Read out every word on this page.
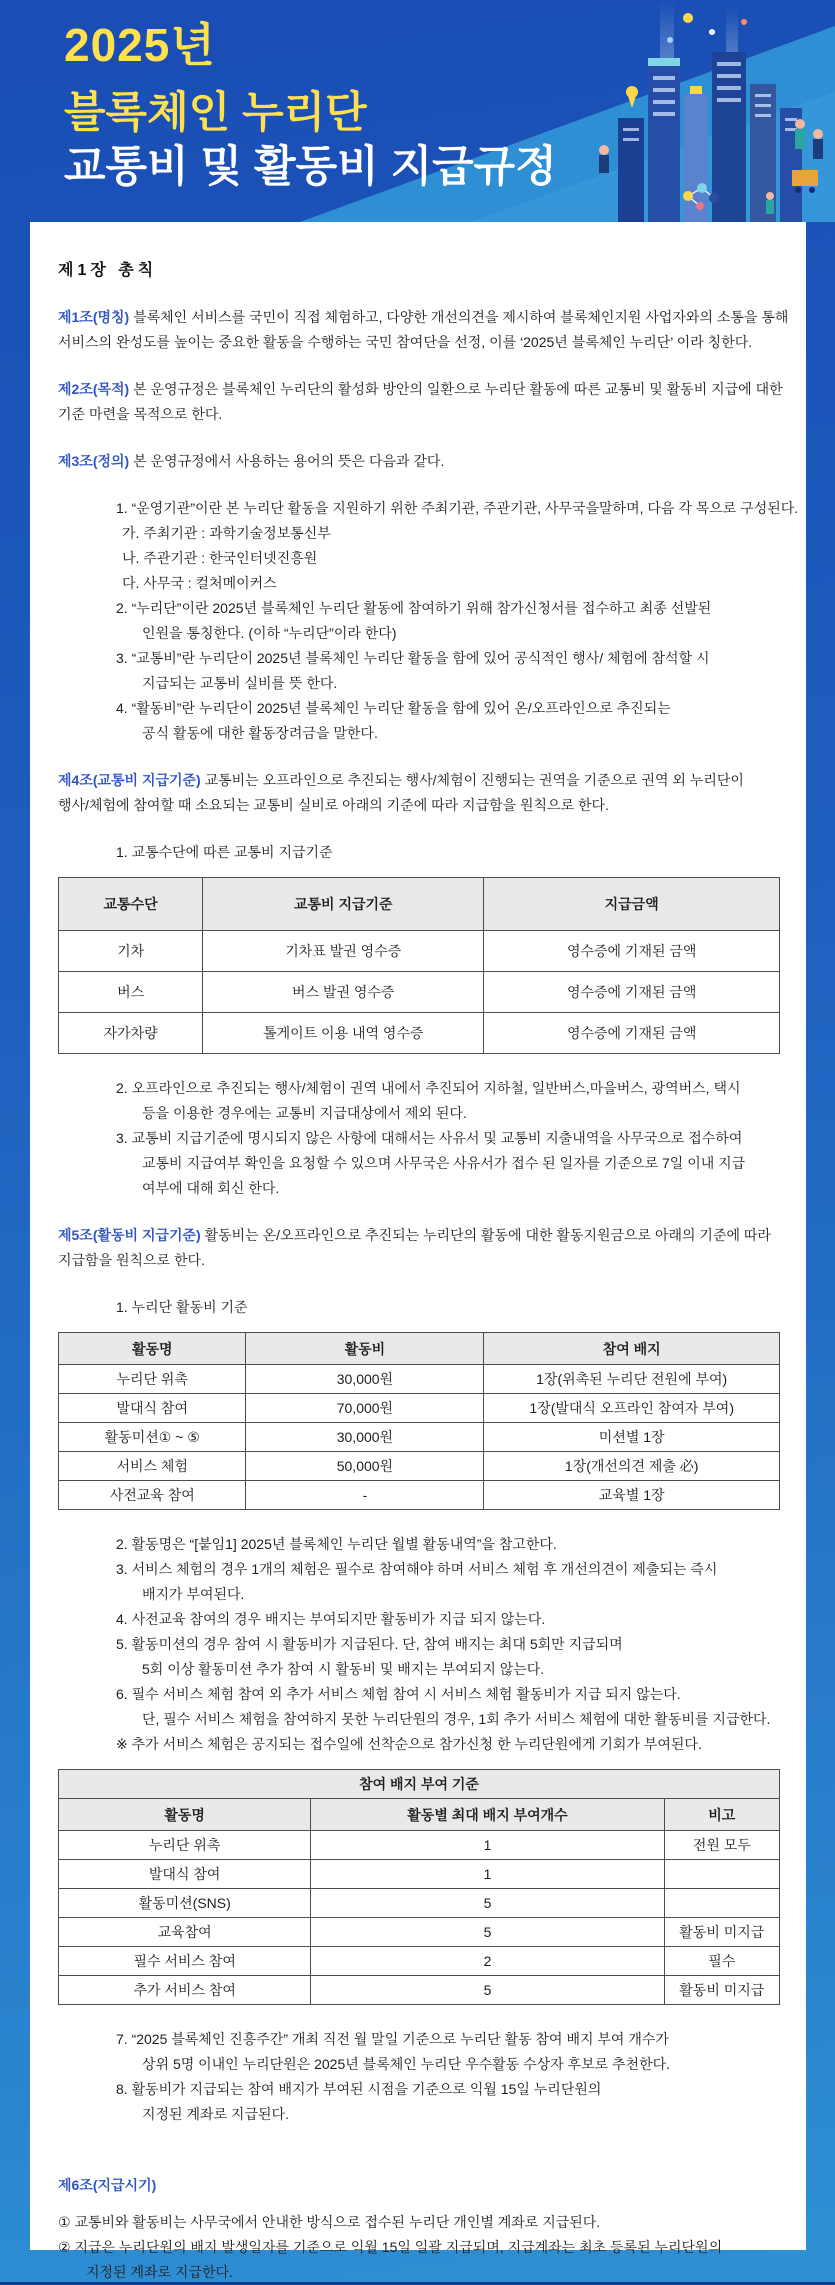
2025년
블록체인 누리단
교통비 및 활동비 지급규정
제1장 총칙
제1조(명칭) 블록체인 서비스를 국민이 직접 체험하고, 다양한 개선의견을 제시하여 블록체인지원 사업자와의 소통을 통해
서비스의 완성도를 높이는 중요한 활동을 수행하는 국민 참여단을 선정, 이를 ‘2025년 블록체인 누리단’ 이라 칭한다.
제2조(목적) 본 운영규정은 블록체인 누리단의 활성화 방안의 일환으로 누리단 활동에 따른 교통비 및 활동비 지급에 대한
기준 마련을 목적으로 한다.
제3조(정의) 본 운영규정에서 사용하는 용어의 뜻은 다음과 같다.
1. “운영기관”이란 본 누리단 활동을 지원하기 위한 주최기관, 주관기관, 사무국을말하며, 다음 각 목으로 구성된다.
가. 주최기관 : 과학기술정보통신부
나. 주관기관 : 한국인터넷진흥원
다. 사무국 : 컬처메이커스
2. “누리단”이란 2025년 블록체인 누리단 활동에 참여하기 위해 참가신청서를 접수하고 최종 선발된
인원을 통칭한다. (이하 “누리단”이라 한다)
3. “교통비”란 누리단이 2025년 블록체인 누리단 활동을 함에 있어 공식적인 행사/ 체험에 참석할 시
지급되는 교통비 실비를 뜻 한다.
4. “활동비”란 누리단이 2025년 블록체인 누리단 활동을 함에 있어 온/오프라인으로 추진되는
공식 활동에 대한 활동장려금을 말한다.
제4조(교통비 지급기준) 교통비는 오프라인으로 추진되는 행사/체험이 진행되는 권역을 기준으로 권역 외 누리단이
행사/체험에 참여할 때 소요되는 교통비 실비로 아래의 기준에 따라 지급함을 원칙으로 한다.
1. 교통수단에 따른 교통비 지급기준
교통수단	교통비 지급기준	지급금액
기차	기차표 발권 영수증	영수증에 기재된 금액
버스	버스 발권 영수증	영수증에 기재된 금액
자가차량	톨게이트 이용 내역 영수증	영수증에 기재된 금액
2. 오프라인으로 추진되는 행사/체험이 권역 내에서 추진되어 지하철, 일반버스,마을버스, 광역버스, 택시
등을 이용한 경우에는 교통비 지급대상에서 제외 된다.
3. 교통비 지급기준에 명시되지 않은 사항에 대해서는 사유서 및 교통비 지출내역을 사무국으로 접수하여
교통비 지급여부 확인을 요청할 수 있으며 사무국은 사유서가 접수 된 일자를 기준으로 7일 이내 지급
여부에 대해 회신 한다.
제5조(활동비 지급기준) 활동비는 온/오프라인으로 추진되는 누리단의 활동에 대한 활동지원금으로 아래의 기준에 따라
지급함을 원칙으로 한다.
1. 누리단 활동비 기준
활동명	활동비	참여 배지
누리단 위촉	30,000원	1장(위촉된 누리단 전원에 부여)
발대식 참여	70,000원	1장(발대식 오프라인 참여자 부여)
활동미션① ~ ⑤	30,000원	미션별 1장
서비스 체험	50,000원	1장(개선의견 제출 必)
사전교육 참여	-	교육별 1장
2. 활동명은 “[붙임1] 2025년 블록체인 누리단 월별 활동내역”을 참고한다.
3. 서비스 체험의 경우 1개의 체험은 필수로 참여해야 하며 서비스 체험 후 개선의견이 제출되는 즉시
배지가 부여된다.
4. 사전교육 참여의 경우 배지는 부여되지만 활동비가 지급 되지 않는다.
5. 활동미션의 경우 참여 시 활동비가 지급된다. 단, 참여 배지는 최대 5회만 지급되며
5회 이상 활동미션 추가 참여 시 활동비 및 배지는 부여되지 않는다.
6. 필수 서비스 체험 참여 외 추가 서비스 체험 참여 시 서비스 체험 활동비가 지급 되지 않는다.
단, 필수 서비스 체험을 참여하지 못한 누리단원의 경우, 1회 추가 서비스 체험에 대한 활동비를 지급한다.
※ 추가 서비스 체험은 공지되는 접수일에 선착순으로 참가신청 한 누리단원에게 기회가 부여된다.
참여 배지 부여 기준		
활동명	활동별 최대 배지 부여개수	비고
누리단 위촉	1	전원 모두
발대식 참여	1	
활동미션(SNS)	5	
교육참여	5	활동비 미지급
필수 서비스 참여	2	필수
추가 서비스 참여	5	활동비 미지급
7. “2025 블록체인 진흥주간” 개최 직전 월 말일 기준으로 누리단 활동 참여 배지 부여 개수가
상위 5명 이내인 누리단원은 2025년 블록체인 누리단 우수활동 수상자 후보로 추천한다.
8. 활동비가 지급되는 참여 배지가 부여된 시점을 기준으로 익월 15일 누리단원의
지정된 계좌로 지급된다.
제6조(지급시기)
① 교통비와 활동비는 사무국에서 안내한 방식으로 접수된 누리단 개인별 계좌로 지급된다.
② 지급은 누리단원의 배지 발생일자를 기준으로 익월 15일 일괄 지급되며, 지급계좌는 최초 등록된 누리단원의
지정된 계좌로 지급한다.
